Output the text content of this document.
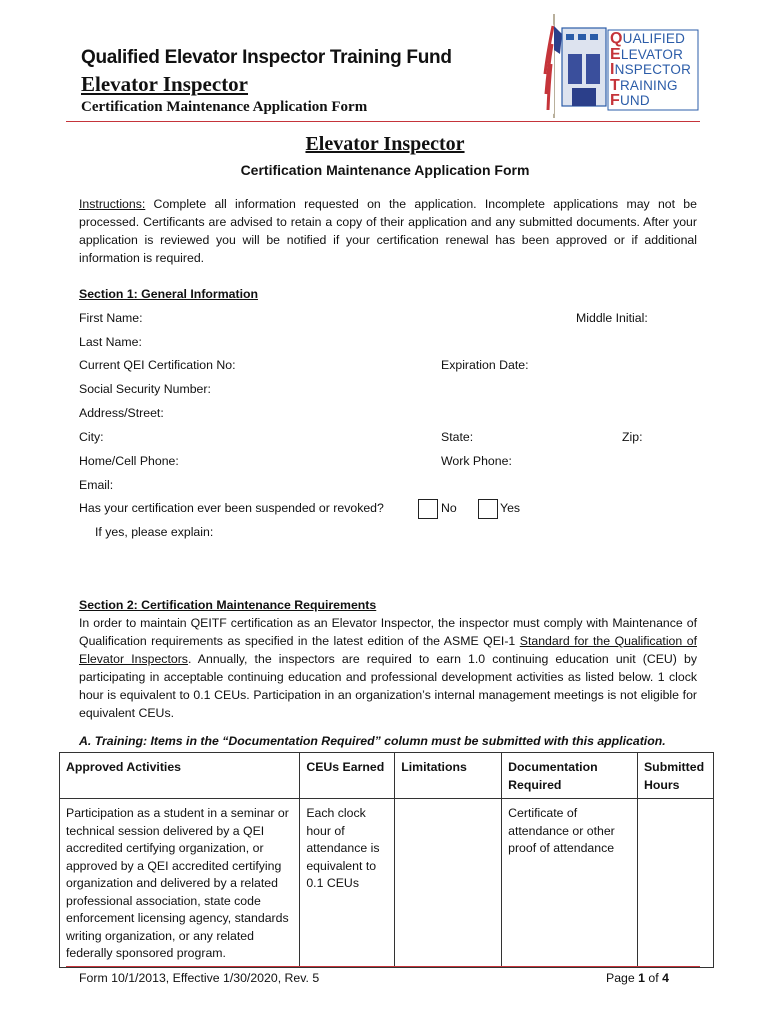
Qualified Elevator Inspector Training Fund
Elevator Inspector
Certification Maintenance Application Form
QUALIFIED
ELEVATOR
INSPECTOR
TRAINING
FUND
Elevator Inspector
Certification Maintenance Application Form
Instructions: Complete all information requested on the application. Incomplete applications may not be processed. Certificants are advised to retain a copy of their application and any submitted documents. After your application is reviewed you will be notified if your certification renewal has been approved or if additional information is required.
Section 1: General Information
First Name:	Middle Initial:
Last Name:
Current QEI Certification No:	Expiration Date:
Social Security Number:
Address/Street:
City:	State:	Zip:
Home/Cell Phone:	Work Phone:
Email:
Has your certification ever been suspended or revoked?	No	Yes
If yes, please explain:
Section 2: Certification Maintenance Requirements
In order to maintain QEITF certification as an Elevator Inspector, the inspector must comply with Maintenance of Qualification requirements as specified in the latest edition of the ASME QEI-1 Standard for the Qualification of Elevator Inspectors. Annually, the inspectors are required to earn 1.0 continuing education unit (CEU) by participating in acceptable continuing education and professional development activities as listed below. 1 clock hour is equivalent to 0.1 CEUs. Participation in an organization’s internal management meetings is not eligible for equivalent CEUs.
A. Training: Items in the “Documentation Required” column must be submitted with this application.
Approved Activities	CEUs Earned	Limitations	Documentation Required	Submitted Hours
Participation as a student in a seminar or technical session delivered by a QEI accredited certifying organization, or approved by a QEI accredited certifying organization and delivered by a related professional association, state code enforcement licensing agency, standards writing organization, or any related federally sponsored program.	Each clock hour of attendance is equivalent to 0.1 CEUs		Certificate of attendance or other proof of attendance	
Form 10/1/2013, Effective 1/30/2020, Rev. 5	Page 1 of 4
